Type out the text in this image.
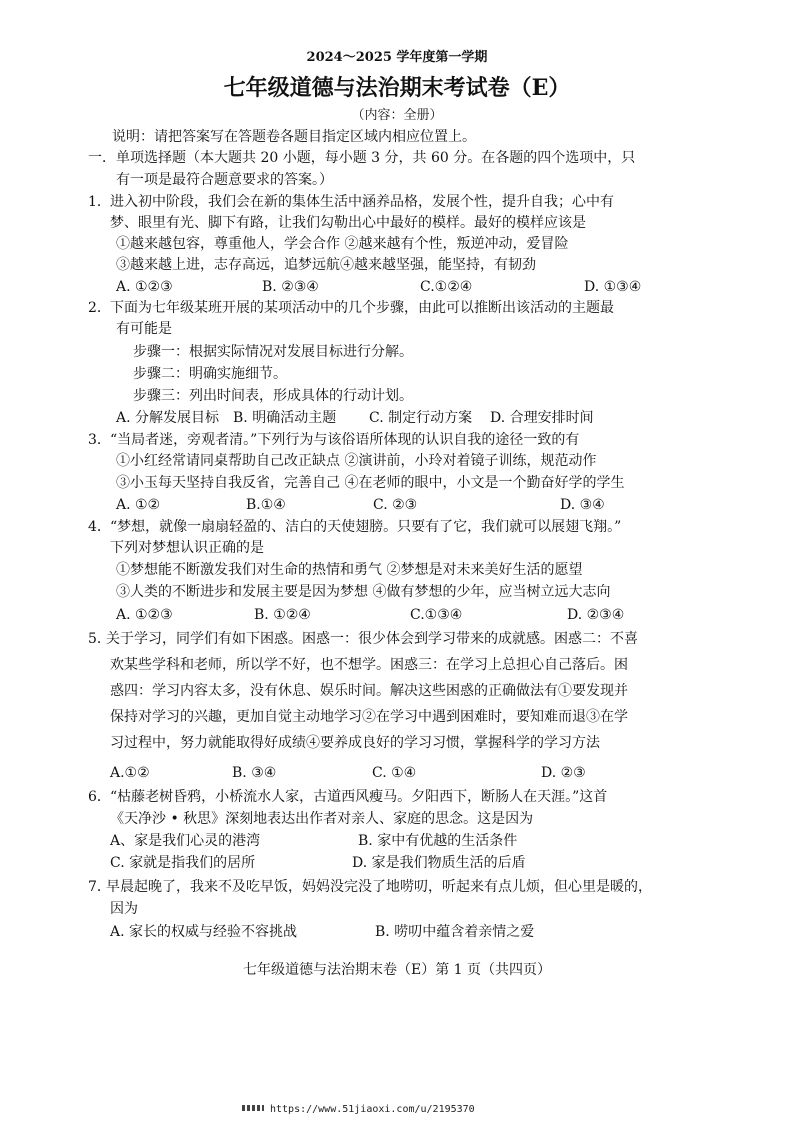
2024～2025 学年度第一学期
七年级道德与法治期末考试卷（E）
（内容：全册）
说明：请把答案写在答题卷各题目指定区域内相应位置上。
一．单项选择题（本大题共 20 小题，每小题 3 分，共 60 分。在各题的四个选项中，只
有一项是最符合题意要求的答案。）
1． 进入初中阶段，我们会在新的集体生活中涵养品格，发展个性，提升自我；心中有
梦、眼里有光、脚下有路，让我们勾勒出心中最好的模样。最好的模样应该是
①越来越包容，尊重他人，学会合作 ②越来越有个性，叛逆冲动，爱冒险
③越来越上进，志存高远，追梦远航④越来越坚强，能坚持，有韧劲
A. ①②③	B. ②③④	C.①②④	D. ①③④
2． 下面为七年级某班开展的某项活动中的几个步骤，由此可以推断出该活动的主题最
有可能是
步骤一：根据实际情况对发展目标进行分解。
步骤二：明确实施细节。
步骤三：列出时间表，形成具体的行动计划。
A. 分解发展目标 B. 明确活动主题 C. 制定行动方案 D. 合理安排时间
3． “当局者迷，旁观者清。”下列行为与该俗语所体现的认识自我的途径一致的有
①小红经常请同桌帮助自己改正缺点 ②演讲前，小玲对着镜子训练，规范动作
③小玉每天坚持自我反省，完善自己 ④在老师的眼中，小文是一个勤奋好学的学生
A. ①②	B.①④	C. ②③	D. ③④
4． “梦想，就像一扇扇轻盈的、洁白的天使翅膀。只要有了它，我们就可以展翅飞翔。”
下列对梦想认识正确的是
①梦想能不断激发我们对生命的热情和勇气 ②梦想是对未来美好生活的愿望
③人类的不断进步和发展主要是因为梦想 ④做有梦想的少年，应当树立远大志向
A. ①②③	B. ①②④	C.①③④	D. ②③④
5．
关于学习，同学们有如下困惑。困惑一：很少体会到学习带来的成就感。困惑二：不喜
欢某些学科和老师，所以学不好，也不想学。困惑三：在学习上总担心自己落后。困
惑四：学习内容太多，没有休息、娱乐时间。解决这些困惑的正确做法有①要发现并
保持对学习的兴趣，更加自觉主动地学习②在学习中遇到困难时，要知难而退③在学
习过程中，努力就能取得好成绩④要养成良好的学习习惯，掌握科学的学习方法
A.①②	B. ③④	C. ①④	D. ②③
6． “枯藤老树昏鸦，小桥流水人家，古道西风瘦马。夕阳西下，断肠人在天涯。”这首
《天净沙 • 秋思》深刻地表达出作者对亲人、家庭的思念。这是因为
A、家是我们心灵的港湾	B. 家中有优越的生活条件
C. 家就是指我们的居所	D. 家是我们物质生活的后盾
7．
早晨起晚了，我来不及吃早饭，妈妈没完没了地唠叨，听起来有点儿烦，但心里是暖的，
因为
A. 家长的权威与经验不容挑战	B. 唠叨中蕴含着亲情之爱
七年级道德与法治期末卷（E）第 1 页（共四页）
https://www.51jiaoxi.com/u/2195370
